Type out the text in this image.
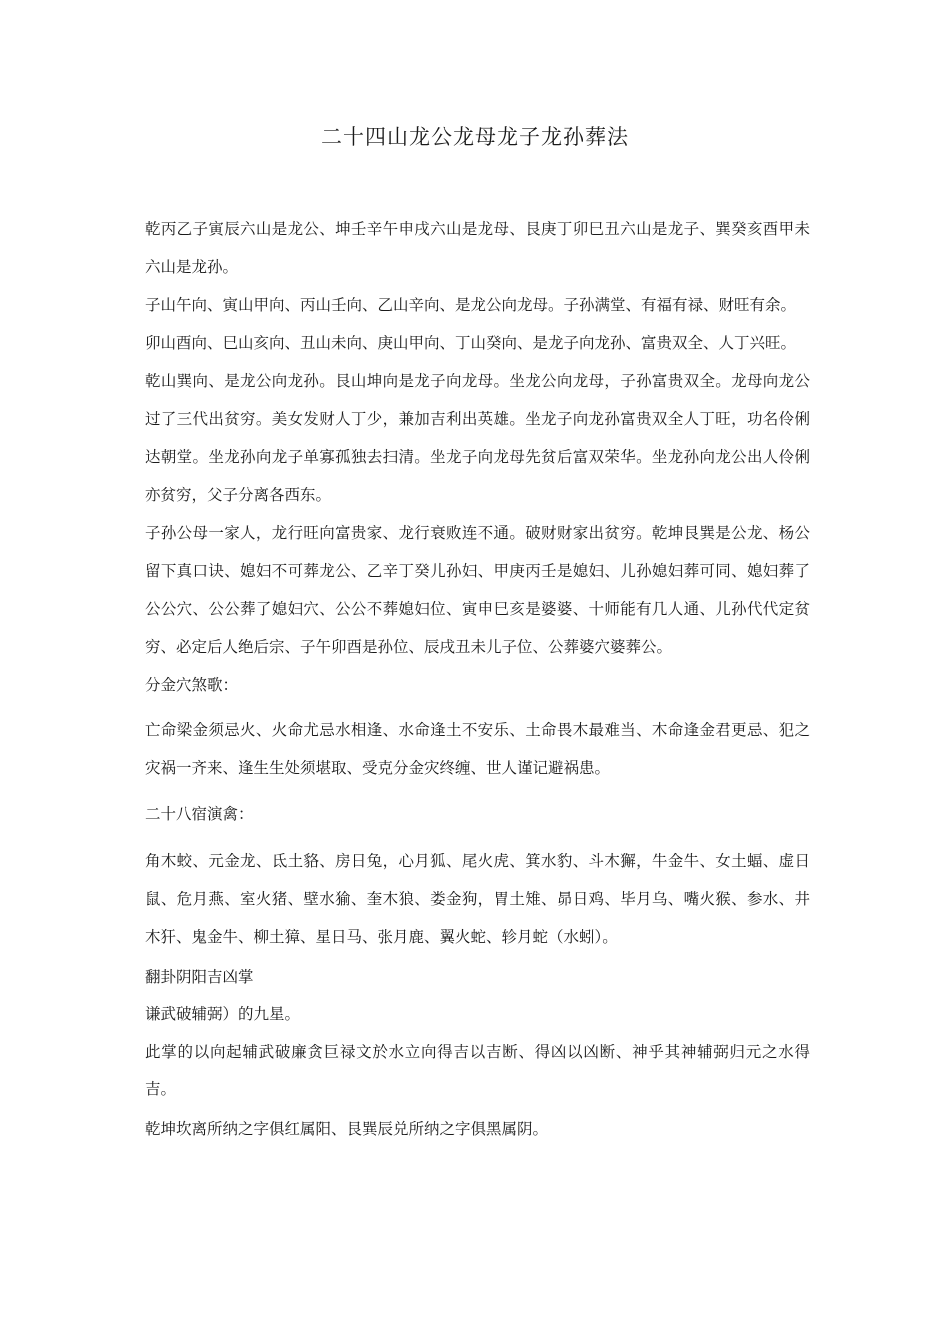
二十四山龙公龙母龙子龙孙葬法

乾丙乙子寅辰六山是龙公、坤壬辛午申戌六山是龙母、艮庚丁卯巳丑六山是龙子、巽癸亥酉甲未六山是龙孙。

子山午向、寅山甲向、丙山壬向、乙山辛向、是龙公向龙母。子孙满堂、有福有禄、财旺有余。

卯山酉向、巳山亥向、丑山未向、庚山甲向、丁山癸向、是龙子向龙孙、富贵双全、人丁兴旺。

乾山巽向、是龙公向龙孙。艮山坤向是龙子向龙母。坐龙公向龙母，子孙富贵双全。龙母向龙公过了三代出贫穷。美女发财人丁少，兼加吉利出英雄。坐龙子向龙孙富贵双全人丁旺，功名伶俐达朝堂。坐龙孙向龙子单寡孤独去扫清。坐龙子向龙母先贫后富双荣华。坐龙孙向龙公出人伶俐亦贫穷，父子分离各西东。

子孙公母一家人，龙行旺向富贵家、龙行衰败连不通。破财财家出贫穷。乾坤艮巽是公龙、杨公留下真口诀、媳妇不可葬龙公、乙辛丁癸儿孙妇、甲庚丙壬是媳妇、儿孙媳妇葬可同、媳妇葬了公公穴、公公葬了媳妇穴、公公不葬媳妇位、寅申巳亥是婆婆、十师能有几人通、儿孙代代定贫穷、必定后人绝后宗、子午卯酉是孙位、辰戌丑未儿子位、公葬婆穴婆葬公。

分金穴煞歌：

亡命梁金须忌火、火命尤忌水相逢、水命逢土不安乐、土命畏木最难当、木命逢金君更忌、犯之灾祸一齐来、逢生生处须堪取、受克分金灾终缠、世人谨记避祸患。

二十八宿演禽：

角木蛟、元金龙、氐土貉、房日兔，心月狐、尾火虎、箕水豹、斗木獬，牛金牛、女土蝠、虚日鼠、危月燕、室火猪、壁水㺄、奎木狼、娄金狗，胃土雉、昴日鸡、毕月乌、嘴火猴、参水、井木犴、鬼金牛、柳土獐、星日马、张月鹿、翼火蛇、轸月蛇（水蚓）。

翻卦阴阳吉凶掌

谦武破辅弼）的九星。

此掌的以向起辅武破廉贪巨禄文於水立向得吉以吉断、得凶以凶断、神乎其神辅弼归元之水得吉。

乾坤坎离所纳之字俱红属阳、艮巽辰兑所纳之字俱黑属阴。
